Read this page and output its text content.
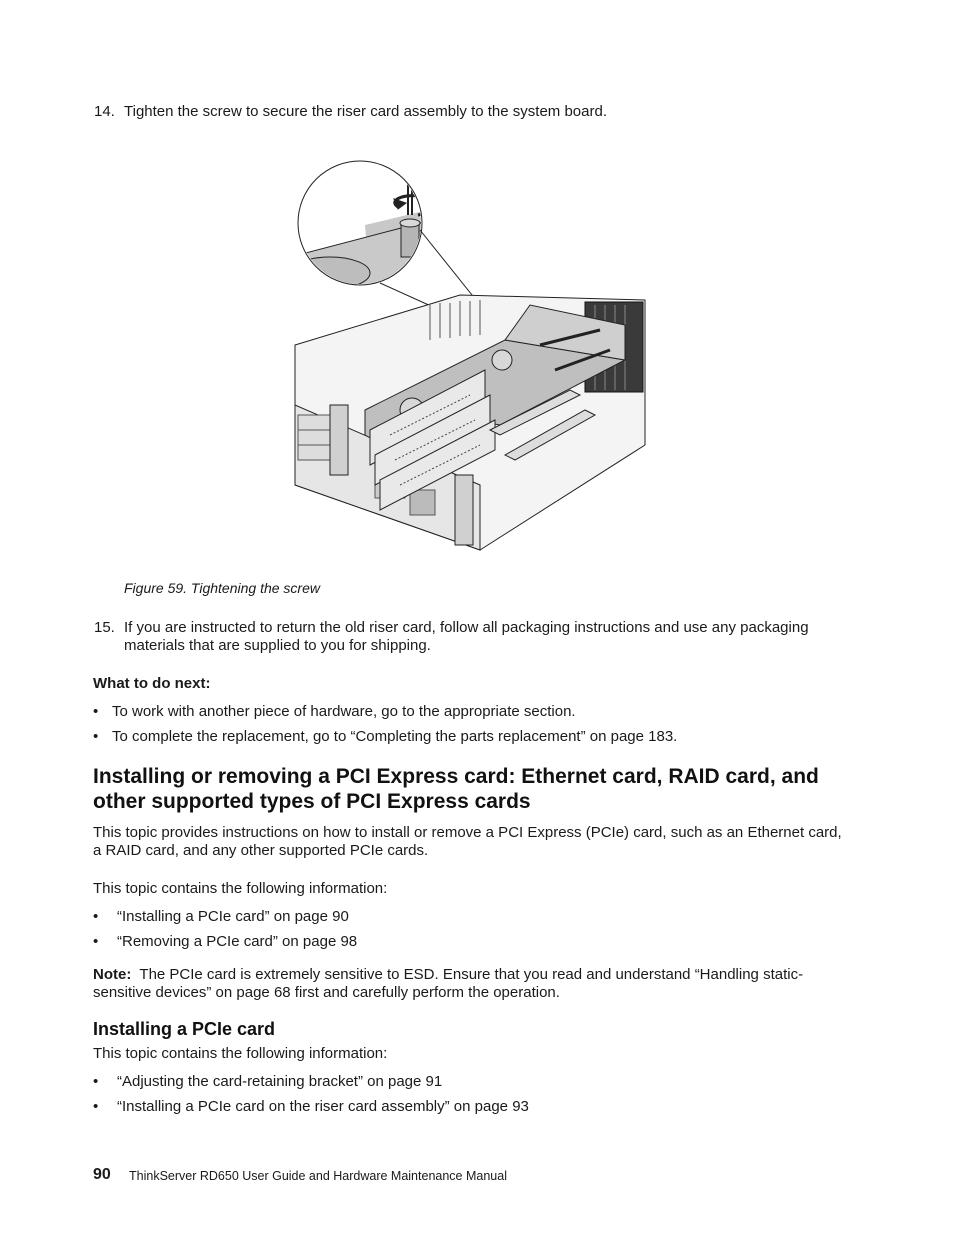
14. Tighten the screw to secure the riser card assembly to the system board.
Figure 59. Tightening the screw
15. If you are instructed to return the old riser card, follow all packaging instructions and use any packaging materials that are supplied to you for shipping.
What to do next:
• To work with another piece of hardware, go to the appropriate section.
• To complete the replacement, go to “Completing the parts replacement” on page 183.
Installing or removing a PCI Express card: Ethernet card, RAID card, and other supported types of PCI Express cards
This topic provides instructions on how to install or remove a PCI Express (PCIe) card, such as an Ethernet card, a RAID card, and any other supported PCIe cards.
This topic contains the following information:
• “Installing a PCIe card” on page 90
• “Removing a PCIe card” on page 98
Note: The PCIe card is extremely sensitive to ESD. Ensure that you read and understand “Handling static-sensitive devices” on page 68 first and carefully perform the operation.
Installing a PCIe card
This topic contains the following information:
• “Adjusting the card-retaining bracket” on page 91
• “Installing a PCIe card on the riser card assembly” on page 93
90 ThinkServer RD650 User Guide and Hardware Maintenance Manual
